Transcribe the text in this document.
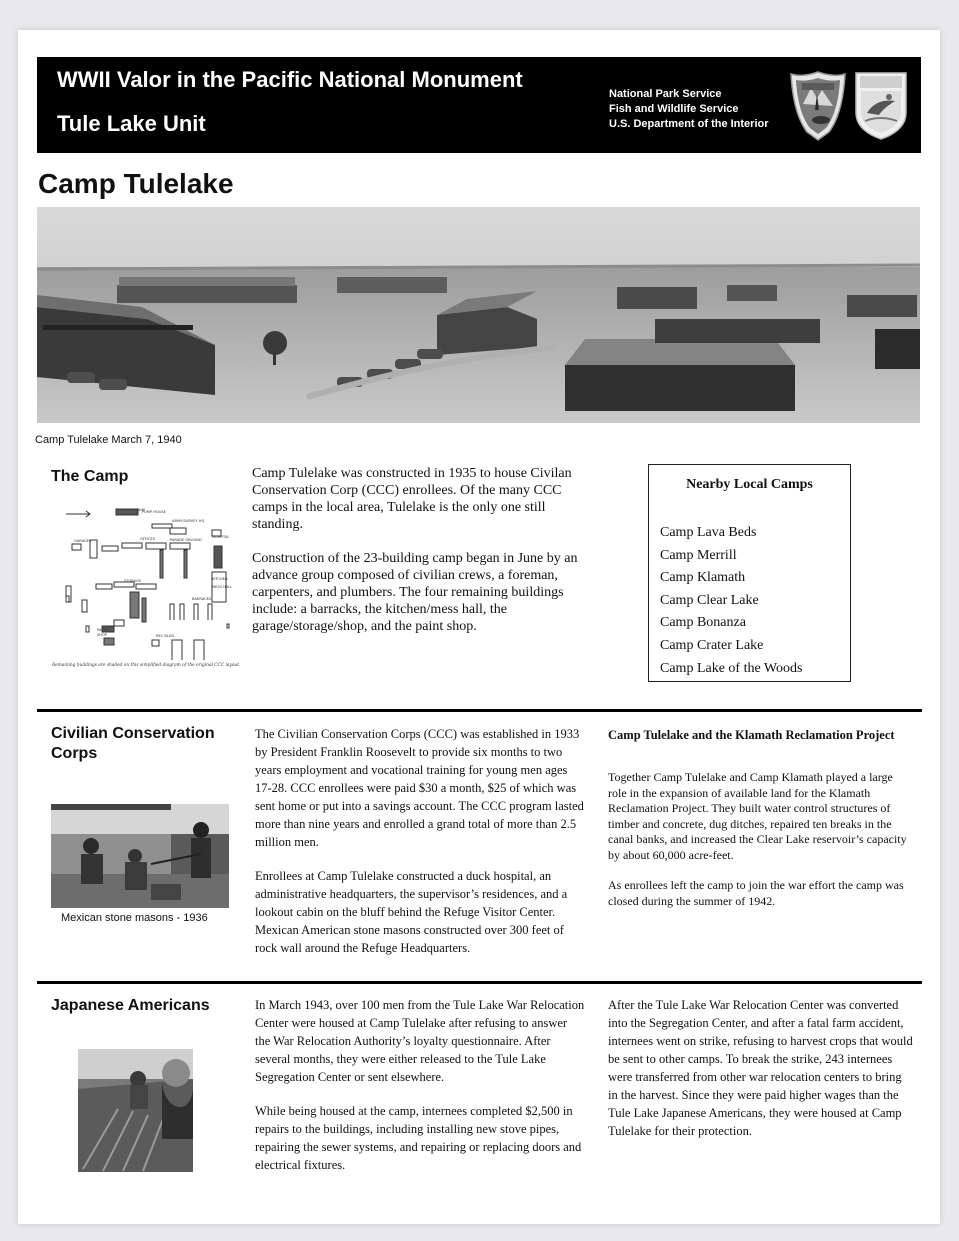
WWII Valor in the Pacific National Monument
Tule Lake Unit
National Park Service
Fish and Wildlife Service
U.S. Department of the Interior
Camp Tulelake
Camp Tulelake March 7, 1940
The Camp
TANK
PUMP HOUSE
ARMY/SURVEY HQ
HOSPITAL
GARAGES	OFFICES	PARADE GROUND
STORAGE	KITCHEN
MESS HALL
BARRACKS
PAINT
SHOP	REC BLDG
Remaining buildings are shaded on this simplified diagram of the original CCC layout.

Camp Tulelake was constructed in 1935 to house Civilan Conservation Corp (CCC) enrollees. Of the many CCC camps in the local area, Tulelake is the only one still standing.

Construction of the 23-building camp began in June by an advance group composed of civilian crews, a foreman, carpenters, and plumbers. The four remaining buildings include: a barracks, the kitchen/mess hall, the garage/storage/shop, and the paint shop.

Nearby Local Camps
Camp Lava Beds
Camp Merrill
Camp Klamath
Camp Clear Lake
Camp Bonanza
Camp Crater Lake
Camp Lake of the Woods
Civilian Conservation Corps
Mexican stone masons - 1936

The Civilian Conservation Corps (CCC) was established in 1933 by President Franklin Roosevelt to provide six months to two years employment and vocational training for young men ages 17-28. CCC enrollees were paid $30 a month, $25 of which was sent home or put into a savings account. The CCC program lasted more than nine years and enrolled a grand total of more than 2.5 million men.

Enrollees at Camp Tulelake constructed a duck hospital, an administrative headquarters, the supervisor’s residences, and a lookout cabin on the bluff behind the Refuge Visitor Center. Mexican American stone masons constructed over 300 feet of rock wall around the Refuge Headquarters.

Camp Tulelake and the Klamath Reclamation Project

Together Camp Tulelake and Camp Klamath played a large role in the expansion of available land for the Klamath Reclamation Project. They built water control structures of timber and concrete, dug ditches, repaired ten breaks in the canal banks, and increased the Clear Lake reservoir’s capacity by about 60,000 acre-feet.

As enrollees left the camp to join the war effort the camp was closed during the summer of 1942.

Japanese Americans	In March 1943, over 100 men from the Tule Lake War Relocation Center were housed at Camp Tulelake after refusing to answer the War Relocation Authority’s loyalty questionnaire. After several months, they were either released to the Tule Lake Segregation Center or sent elsewhere.

While being housed at the camp, internees completed $2,500 in repairs to the buildings, including installing new stove pipes, repairing the sewer systems, and repairing or replacing doors and electrical fixtures.

After the Tule Lake War Relocation Center was converted into the Segregation Center, and after a fatal farm accident, internees went on strike, refusing to harvest crops that would be sent to other camps. To break the strike, 243 internees were transferred from other war relocation centers to bring in the harvest. Since they were paid higher wages than the Tule Lake Japanese Americans, they were housed at Camp Tulelake for their protection.
